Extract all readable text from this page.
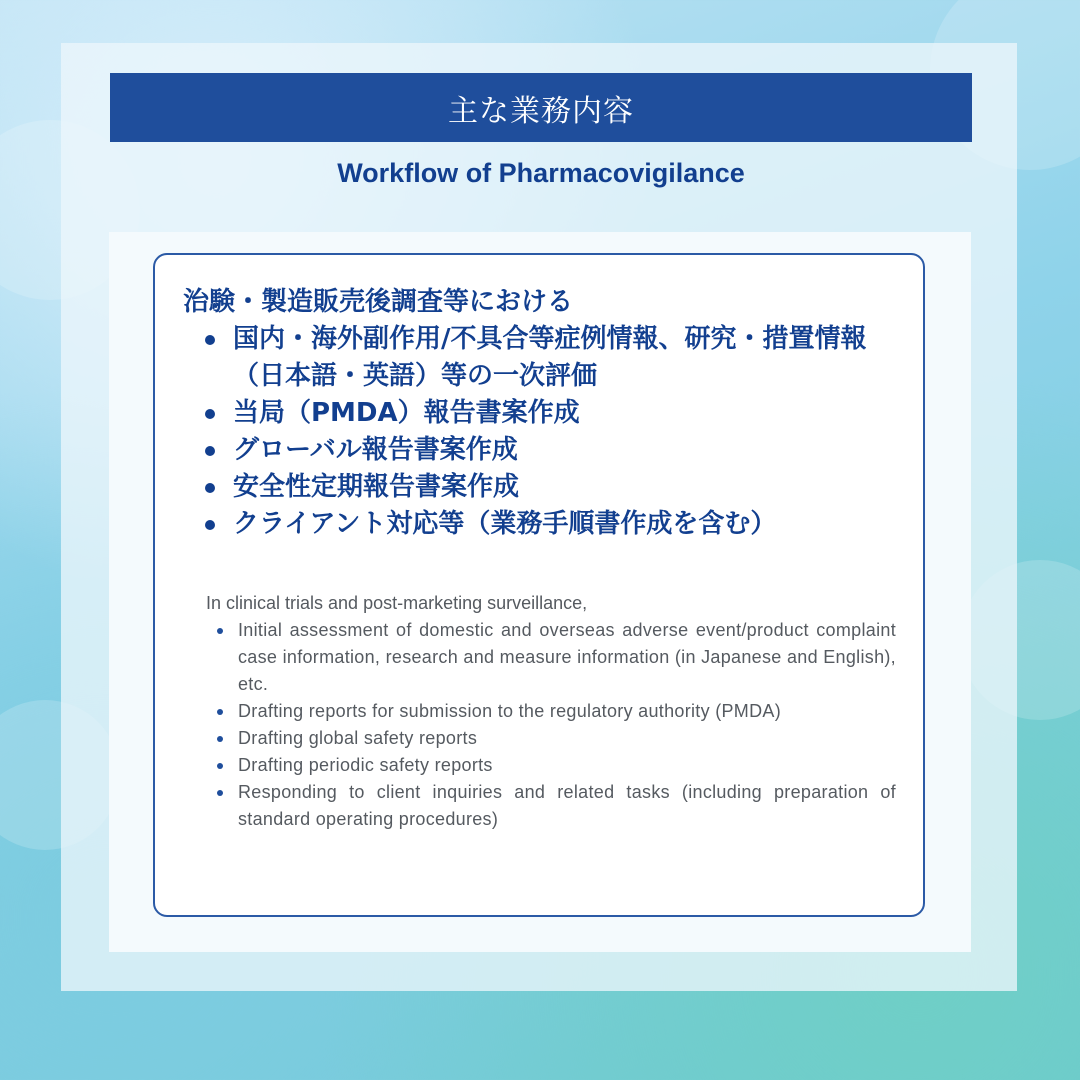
主な業務内容
Workflow of Pharmacovigilance

治験・製造販売後調査等における

国内・海外副作用/不具合等症例情報、研究・措置情報（日本語・英語）等の一次評価
当局（PMDA）報告書案作成
グローバル報告書案作成
安全性定期報告書案作成
クライアント対応等（業務手順書作成を含む）

In clinical trials and post-marketing surveillance,

Initial assessment of domestic and overseas adverse event/product complaint case information, research and measure information (in Japanese and English), etc.
Drafting reports for submission to the regulatory authority (PMDA)
Drafting global safety reports
Drafting periodic safety reports
Responding to client inquiries and related tasks (including preparation of standard operating procedures)
